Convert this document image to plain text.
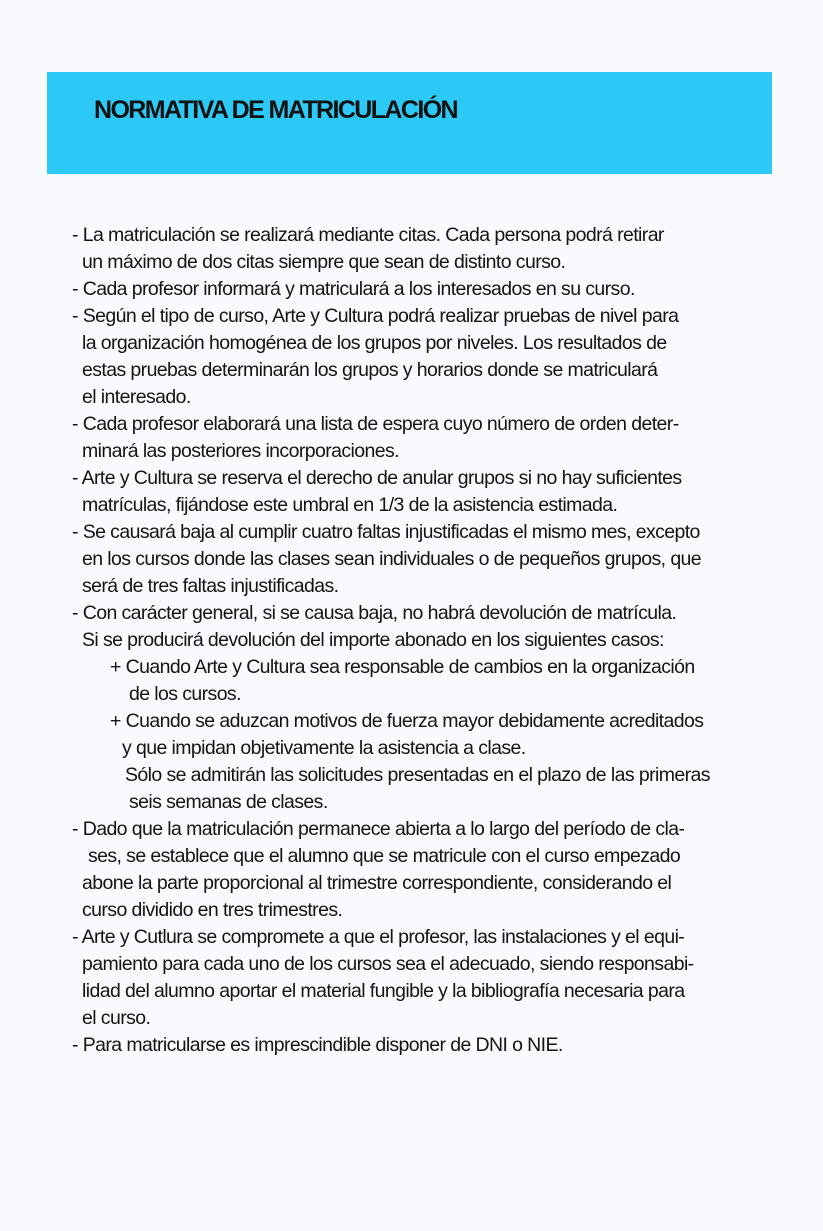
NORMATIVA DE MATRICULACIÓN
- La matriculación se realizará mediante citas. Cada persona podrá retirar
un máximo de dos citas siempre que sean de distinto curso.
- Cada profesor informará y matriculará a los interesados en su curso.
- Según el tipo de curso, Arte y Cultura podrá realizar pruebas de nivel para
la organización homogénea de los grupos por niveles. Los resultados de
estas pruebas determinarán los grupos y horarios donde se matriculará
el interesado.
- Cada profesor elaborará una lista de espera cuyo número de orden deter-
minará las posteriores incorporaciones.
- Arte y Cultura se reserva el derecho de anular grupos si no hay suficientes
matrículas, fijándose este umbral en 1/3 de la asistencia estimada.
- Se causará baja al cumplir cuatro faltas injustificadas el mismo mes, excepto
en los cursos donde las clases sean individuales o de pequeños grupos, que
será de tres faltas injustificadas.
- Con carácter general, si se causa baja, no habrá devolución de matrícula.
Si se producirá devolución del importe abonado en los siguientes casos:
+ Cuando Arte y Cultura sea responsable de cambios en la organización
de los cursos.
+ Cuando se aduzcan motivos de fuerza mayor debidamente acreditados
y que impidan objetivamente la asistencia a clase.
Sólo se admitirán las solicitudes presentadas en el plazo de las primeras
seis semanas de clases.
- Dado que la matriculación permanece abierta a lo largo del período de cla-
ses, se establece que el alumno que se matricule con el curso empezado
abone la parte proporcional al trimestre correspondiente, considerando el
curso dividido en tres trimestres.
- Arte y Cutlura se compromete a que el profesor, las instalaciones y el equi-
pamiento para cada uno de los cursos sea el adecuado, siendo responsabi-
lidad del alumno aportar el material fungible y la bibliografía necesaria para
el curso.
- Para matricularse es imprescindible disponer de DNI o NIE.
